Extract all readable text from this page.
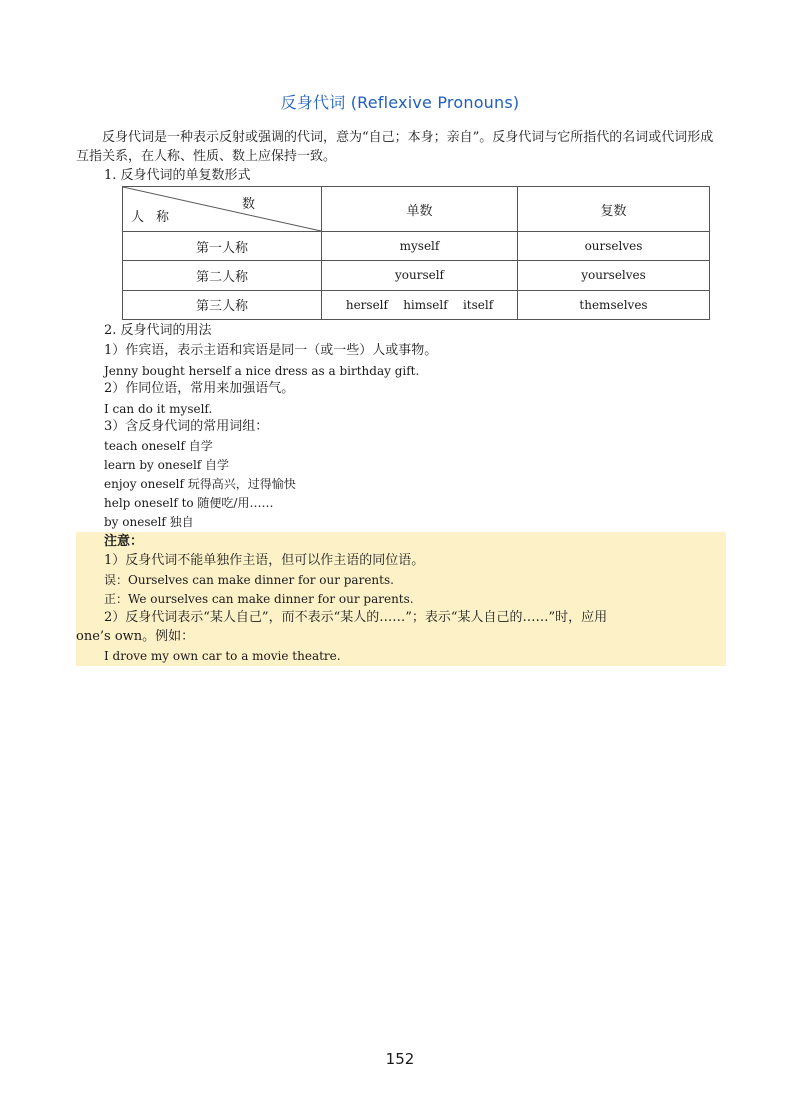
反身代词 (Reflexive Pronouns)
反身代词是一种表示反射或强调的代词，意为“自己；本身；亲自”。反身代词与它所指代的名词或代词形成互指关系，在人称、性质、数上应保持一致。
1. 反身代词的单复数形式
数
人称	单数	复数
第一人称	myself	ourselves
第二人称	yourself	yourselves
第三人称	herself    himself    itself	themselves
2. 反身代词的用法
1）作宾语，表示主语和宾语是同一（或一些）人或事物。
Jenny bought herself a nice dress as a birthday gift.
2）作同位语，常用来加强语气。
I can do it myself.
3）含反身代词的常用词组：
teach oneself 自学
learn by oneself 自学
enjoy oneself 玩得高兴，过得愉快
help oneself to 随便吃/用……
by oneself 独自
注意：
1）反身代词不能单独作主语，但可以作主语的同位语。
误：Ourselves can make dinner for our parents.
正：We ourselves can make dinner for our parents.
2）反身代词表示“某人自己”，而不表示“某人的……”；表示“某人自己的……”时，应用
one’s own。例如：
I drove my own car to a movie theatre.
152
